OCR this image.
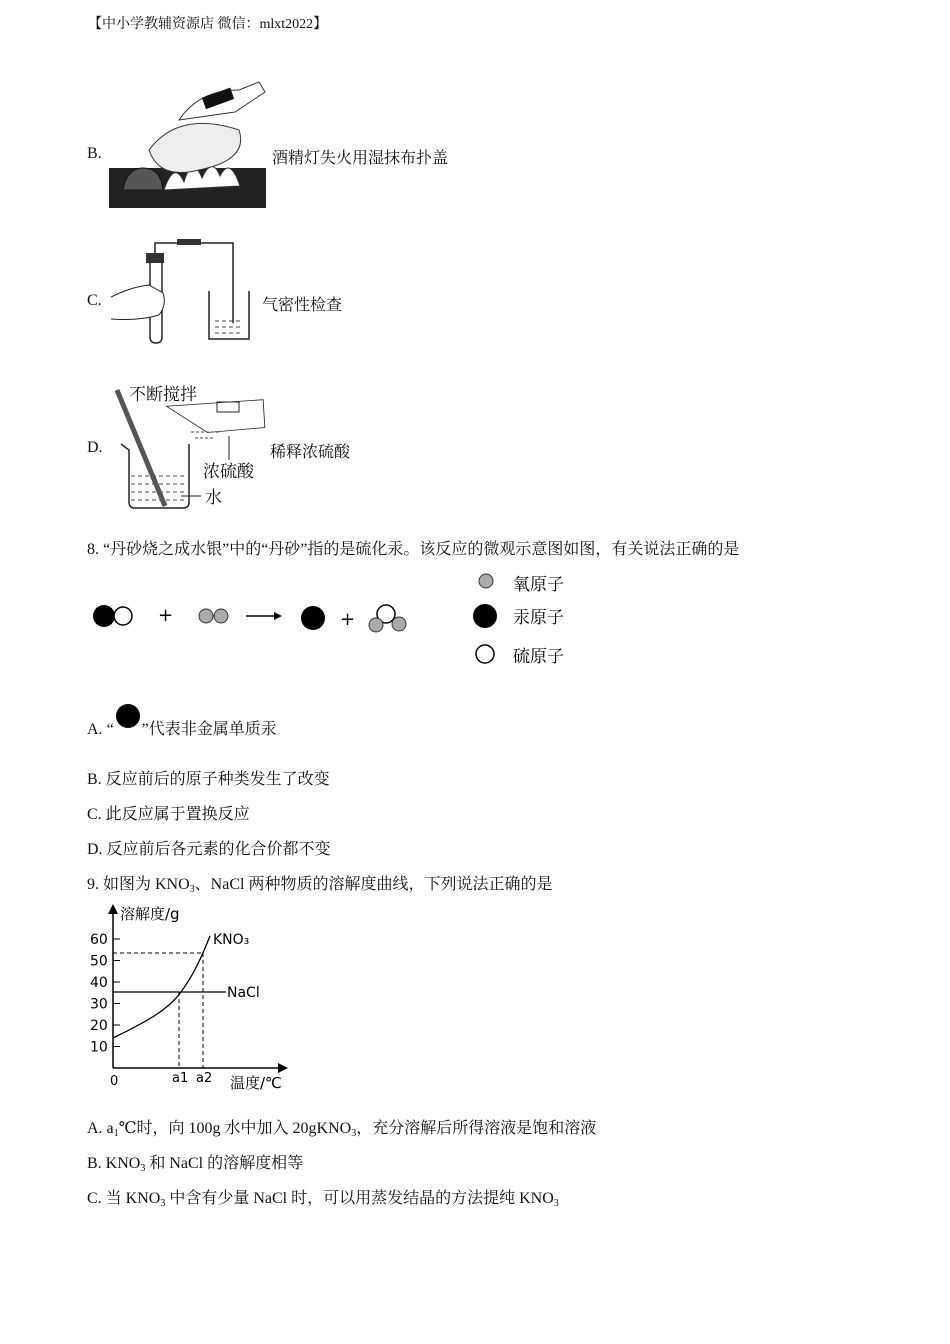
【中小学教辅资源店 微信：mlxt2022】
B.	酒精灯失火用湿抹布扑盖
C.	气密性检查
D.
不断搅拌
浓硫酸
水
稀释浓硫酸
8. “丹砂烧之成水银”中的“丹砂”指的是硫化汞。该反应的微观示意图如图，有关说法正确的是
+	+
氧原子
汞原子
硫原子
A. “ ”代表非金属单质汞
B. 反应前后的原子种类发生了改变
C. 此反应属于置换反应
D. 反应前后各元素的化合价都不变
9. 如图为 $KNO_3$、NaCl 两种物质的溶解度曲线，下列说法正确的是
溶解度/g
温度/℃
0
10
20
30
40
50
60	KNO₃
NaCl
a1 a2
A. $a_1℃$时，向 100g 水中加入 20gKNO$_3$，充分溶解后所得溶液是饱和溶液
B. $KNO_3$ 和 NaCl 的溶解度相等
C. 当 $KNO_3$ 中含有少量 NaCl 时，可以用蒸发结晶的方法提纯 $KNO_3$
